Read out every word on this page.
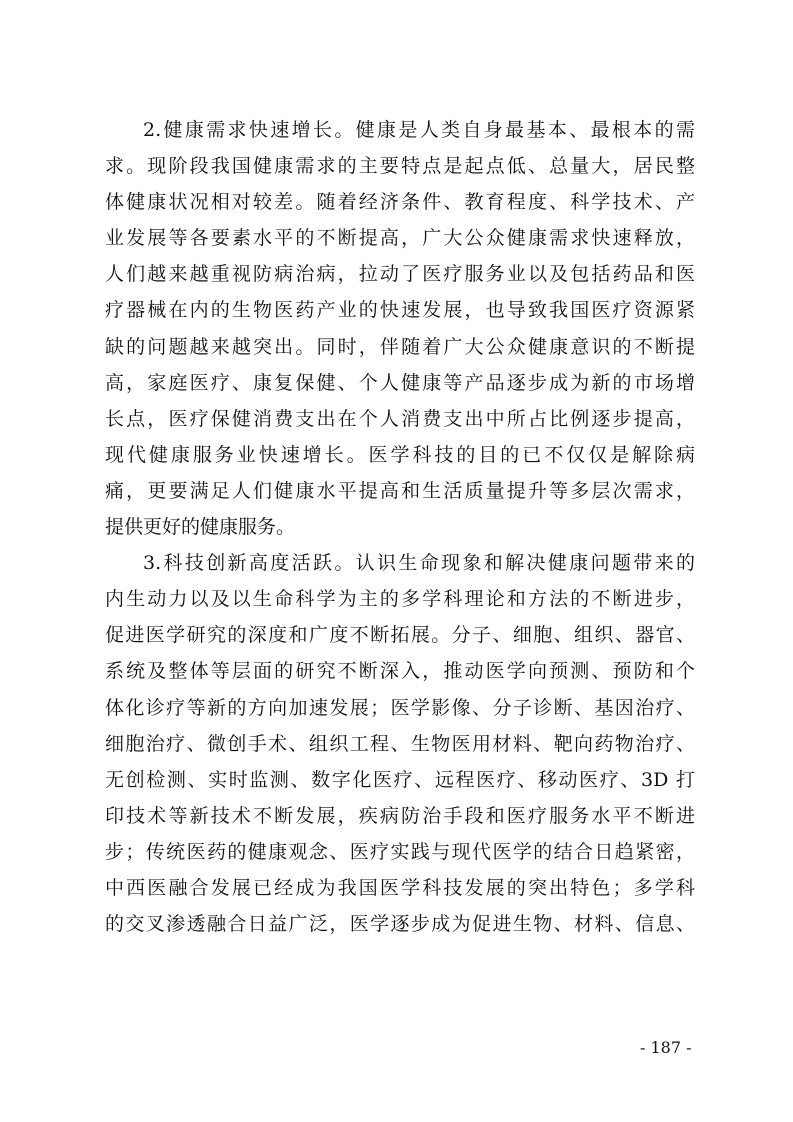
2.健康需求快速增长。健康是人类自身最基本、最根本的需
求。现阶段我国健康需求的主要特点是起点低、总量大，居民整
体健康状况相对较差。随着经济条件、教育程度、科学技术、产
业发展等各要素水平的不断提高，广大公众健康需求快速释放，
人们越来越重视防病治病，拉动了医疗服务业以及包括药品和医
疗器械在内的生物医药产业的快速发展，也导致我国医疗资源紧
缺的问题越来越突出。同时，伴随着广大公众健康意识的不断提
高，家庭医疗、康复保健、个人健康等产品逐步成为新的市场增
长点，医疗保健消费支出在个人消费支出中所占比例逐步提高，
现代健康服务业快速增长。医学科技的目的已不仅仅是解除病
痛，更要满足人们健康水平提高和生活质量提升等多层次需求，
提供更好的健康服务。

3.科技创新高度活跃。认识生命现象和解决健康问题带来的
内生动力以及以生命科学为主的多学科理论和方法的不断进步，
促进医学研究的深度和广度不断拓展。分子、细胞、组织、器官、
系统及整体等层面的研究不断深入，推动医学向预测、预防和个
体化诊疗等新的方向加速发展；医学影像、分子诊断、基因治疗、
细胞治疗、微创手术、组织工程、生物医用材料、靶向药物治疗、
无创检测、实时监测、数字化医疗、远程医疗、移动医疗、3D 打
印技术等新技术不断发展，疾病防治手段和医疗服务水平不断进
步；传统医药的健康观念、医疗实践与现代医学的结合日趋紧密，
中西医融合发展已经成为我国医学科技发展的突出特色；多学科
的交叉渗透融合日益广泛，医学逐步成为促进生物、材料、信息、

- 187 -
